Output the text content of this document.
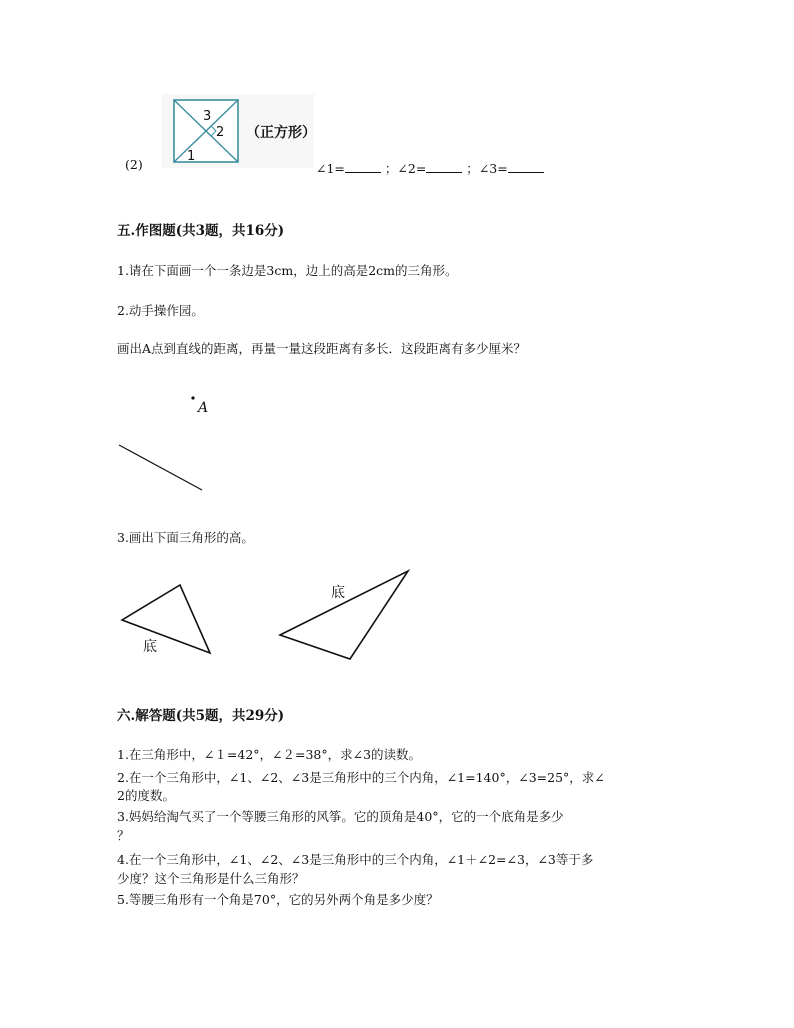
3
2
1
(2)
（正方形）
∠1=	；∠2=	；∠3=
五.作图题(共3题，共16分)
1.请在下面画一个一条边是3cm，边上的高是2cm的三角形。
2.动手操作园。
画出A点到直线的距离，再量一量这段距离有多长．这段距离有多少厘米？
A
3.画出下面三角形的高。
底
底
六.解答题(共5题，共29分)
1.在三角形中，∠１=42°，∠２=38°，求∠3的读数。
2.在一个三角形中，∠1、∠2、∠3是三角形中的三个内角，∠1=140°，∠3=25°，求∠
2的度数。
3.妈妈给淘气买了一个等腰三角形的风筝。它的顶角是40°，它的一个底角是多少
？
4.在一个三角形中，∠1、∠2、∠3是三角形中的三个内角，∠1＋∠2=∠3，∠3等于多
少度？这个三角形是什么三角形？
5.等腰三角形有一个角是70°，它的另外两个角是多少度？
